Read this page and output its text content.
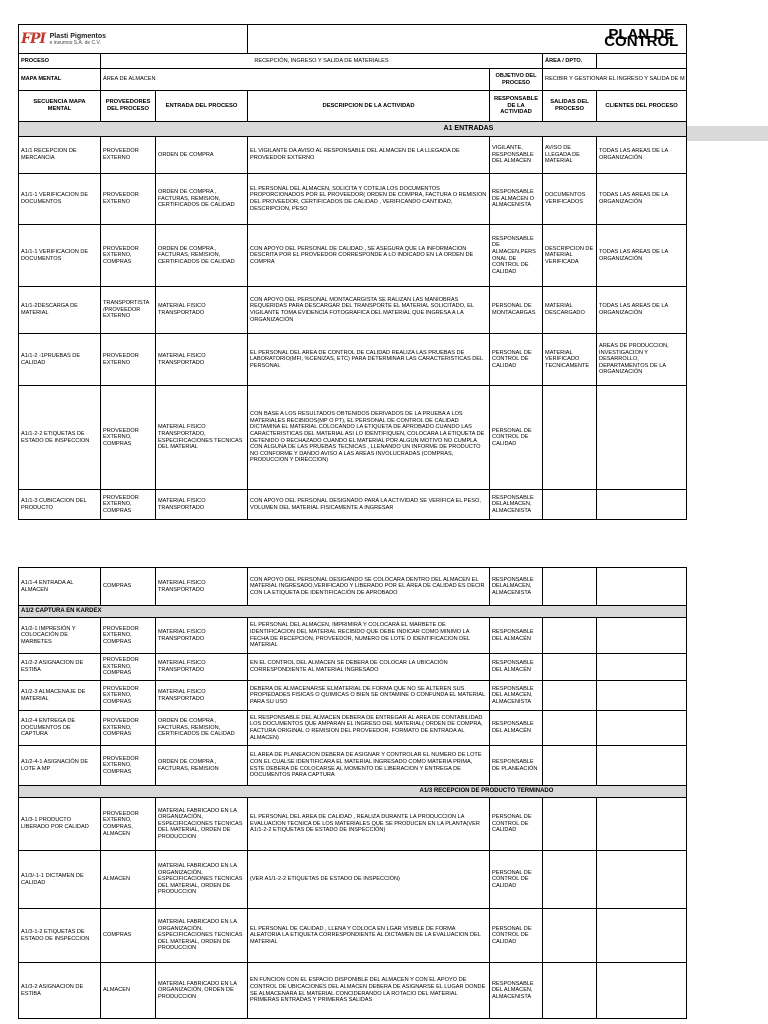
FPI Plasti Pigmentos
e insumos S.A. de C.V.						PLAN DE CONTROL
PROCESO	RECEPCIÓN, INGRESO Y SALIDA DE MATERIALES				ÁREA / DPTO.	
MAPA MENTAL	ÁREA DE ALMACEN			OBJETIVO DEL PROCESO	RECIBIR Y GESTIONAR EL INGRESO Y SALIDA DE M	
SECUENCIA MAPA MENTAL	PROVEEDORES DEL PROCESO	ENTRADA DEL PROCESO	DESCRIPCION DE LA ACTIVIDAD	RESPONSABLE DE LA ACTIVIDAD	SALIDAS DEL PROCESO	CLIENTES DEL PROCESO
			A1 ENTRADAS			
A1/1 RECEPCION DE MERCANCIA	PROVEEDOR EXTERNO	ORDEN DE COMPRA	EL VIGILANTE DA AVISO AL RESPONSABLE DEL ALMACEN DE LA LLEGADA DE PROVEEDOR EXTERNO	VIGILANTE, RESPONSABLE DEL ALMACEN	AVISO DE LLEGADA DE MATERIAL	TODAS LAS AREAS DE LA ORGANIZACIÓN
A1/1-1 VERIFICACION DE DOCUMENTOS	PROVEEDOR EXTERNO	ORDEN DE COMPRA , FACTURAS, REMISION, CERTIFICADOS DE CALIDAD	EL PERSONAL DEL ALMACEN, SOLICITA Y COTEJA LOS DOCUMENTOS PROPORCIONADOS POR EL PROVEEDOR( ORDEN DE COMPRA, FACTURA O REMISION DEL PROVEEDOR, CERTIFICADOS DE CALIDAD , VERIFICANDO CANTIDAD, DESCRIPCION, PESO	RESPONSABLE DE ALMACEN O ALMACENISTA	DOCUMENTOS VERIFICADOS	TODAS LAS AREAS DE LA ORGANIZACIÓN
A1/1-1 VERIFICACION DE DOCUMENTOS	PROVEEDOR EXTERNO, COMPRAS	ORDEN DE COMPRA , FACTURAS, REMISION, CERTIFICADOS DE CALIDAD	CON APOYO DEL PERSONAL DE CALIDAD , SE ASEGURA QUE LA INFORMACION DESCRITA POR EL PROVEEDOR CORRESPONDE A LO INDICADO EN LA ORDEN DE COMPRA	RESPONSABLE DE ALMACEN,PERSONAL DE CONTROL DE CALIDAD	DESCRIPCION DE MATERIAL VERIFICADA	TODAS LAS AREAS DE LA ORGANIZACIÓN
A1/1-2DESCARGA DE MATERIAL	TRANSPORTISTA /PROVEEDOR EXTERNO	MATERIAL FISICO TRANSPORTADO	CON APOYO DEL PERSONAL MONTACARGISTA SE RALIZAN LAS MANIOBRAS REQUERIDAS PARA DESCARGAR DEL TRANSPORTE EL MATERIAL SOLICITADO, EL VIGILANTE TOMA EVIDENCIA FOTOGRAFICA DEL MATERIAL QUE INGRESA A LA ORGANIZACIÓN	PERSONAL DE MONTACARGAS	MATERIAL DESCARGADO	TODAS LAS AREAS DE LA ORGANIZACIÓN
A1/1-2 -1PRUEBAS DE CALIDAD	PROVEEDOR EXTERNO	MATERIAL FISICO TRANSPORTADO	EL PERSONAL DEL AREA DE CONTROL DE CALIDAD REALIZA LAS PRUEBAS DE LABORATORIO(MFI, %CENIZAS, ETC) PARA DETERMINAR LAS CARACTERISTICAS DEL PERSONAL	PERSONAL DE CONTROL DE CALIDAD	MATERIAL VERIFICADO TECNICAMENTE	AREAS DE PRODUCCION, INVESTIGACION Y DESARROLLO, DEPARTAMENTOS DE LA ORGANIZACIÓN
A1/1-2-2 ETIQUETAS DE ESTADO DE INSPECCION	PROVEEDOR EXTERNO, COMPRAS	MATERIAL FISICO TRANSPORTADO, ESPECIFICACIONES TECNICAS DEL MATERIAL	CON BASE A LOS RESULTADOS OBTENIDOS DERIVADOS DE LA PRUEBA A LOS MATERIALES RECIBIDOS(MP O PT), EL PERSONAL DE CONTROL DE CALIDAD DICTAMINA EL MATERIAL COLOCANDO LA ETIQUETA DE APROBADO CUANDO LAS CARACTERISTICAS DEL MATERIAL ASI LO IDENTIFIQUEN, COLOCARA LA ETIQUETA DE DETENIDO O RECHAZADO CUANDO EL MATERIAL POR ALGUN MOTIVO NO CUMPLA CON ALGUNA DE LAS PRUEBAS TECNICAS , LLENANDO UN INFORME DE PRODUCTO NO CONFORME Y DANDO AVISO A LAS AREAS INVOLUCRADAS (COMPRAS, PRODUCCION Y DIRECCION)	PERSONAL DE CONTROL DE CALIDAD		
A1/1-3 CUBICACION DEL PRODUCTO	PROVEEDOR EXTERNO, COMPRAS	MATERIAL FISICO TRANSPORTADO	CON APOYO DEL PERSONAL DESIGNADO PARA LA ACTIVIDAD SE VERIFICA EL PESO, VOLUMEN DEL MATERIAL FISICAMENTE A INGRESAR	RESPONSABLE DELALMACEN, ALMACENISTA		
A1/1-4 ENTRADA AL ALMACEN	COMPRAS	MATERIAL FISICO TRANSPORTADO	CON APOYO DEL PERSONAL DESIGANDO SE COLOCARA DENTRO DEL ALMACEN EL MATERIAL INGRESADO,VERIFICADO Y LIBERADO POR EL ÁREA DE CALIDAD ES DECIR CON LA ETIQUETA DE IDENTIFICACIÓN DE APROBADO	RESPONSABLE DELALMACEN, ALMACENISTA		
A1/2 CAPTURA EN KARDEX						
A1/2-1 IMPRESIÓN Y COLOCACIÓN DE MARBETES	PROVEEDOR EXTERNO, COMPRAS	MATERIAL FISICO TRANSPORTADO	EL PERSONAL DEL ALMACEN, IMPRIMIRÁ Y COLOCARÁ EL MARBETE DE IDENTIFICACION DEL MATERIAL RECIBIDO QUE DEBE INDICAR COMO MINIMO LA FECHA DE RECEPCION, PROVEEDOR, NUMERO DE LOTE O IDENTIFICACION DEL MATERIAL	RESPONSABLE DEL ALMACÉN		
A1/2-2 ASIGNACION DE ESTIBA	PROVEEDOR EXTERNO, COMPRAS	MATERIAL FISICO TRANSPORTADO	EN EL CONTROL DEL ALMACEN SE DEBERA DE COLOCAR LA UBICACIÓN CORRESPONDIENTE AL MATERIAL INGRESADO	RESPONSABLE DEL ALMACÉN		
A1/2-3 ALMACENAJE DE MATERIAL	PROVEEDOR EXTERNO, COMPRAS	MATERIAL FISICO TRANSPORTADO	DEBERA DE ALMACENARSE ELMATERIAL DE FORMA QUE NO SE ALTEREN SUS PROPIEDADES FISICAS O QUIMICAS O BIEN SE ONTAMINE O CONFUNDA EL MATERIAL PARA SU USO	RESPONSABLE DEL ALMACEN, ALMACENISTA		
A1/2-4 ENTREGA DE DOCUMENTOS DE CAPTURA	PROVEEDOR EXTERNO, COMPRAS	ORDEN DE COMPRA , FACTURAS, REMISION, CERTIFICADOS DE CALIDAD	EL RESPONSABLE DEL ALMACEN DEBERA DE ENTREGAR AL AREA DE CONTABILIDAD LOS DOCUMENTOS QUE AMPARAN EL INGRESO DEL MATERIAL( ORDEN DE COMPRA, FACTURA ORIGINAL O REMISION DEL PROVEEDOR, FORMATO DE ENTRADA AL ALMACEN)	RESPONSABLE DEL ALMACÉN		
A1/2-4-1 ASIGNACIÓN DE LOTE A MP	PROVEEDOR EXTERNO, COMPRAS	ORDEN DE COMPRA , FACTURAS, REMISION	EL AREA DE PLANEACION DEBERA DE ASIGNAR Y CONTROLAR EL NUMERO DE LOTE CON EL CUALSE IDENTIFICARA EL MATERIAL INGRESADO COMO MATERIA PRIMA, ESTE DEBERA DE COLOCARSE AL MOMENTO DE LIBERACION Y ENTREGA DE DOCUMENTOS PARA CAPTURA	RESPONSABLE DE PLANEACIÓN		
			A1/3 RECEPCION DE PRODUCTO TERMINADO			
A1/3-1 PRODUCTO LIBERADO POR CALIDAD	PROVEEDOR EXTERNO, COMPRAS, ALMACEN	MATERIAL FABRICADO EN LA ORGANIZACIÓN, ESPECIFICACIONES TECNICAS DEL MATERIAL, ORDEN DE PRODUCCION	EL PERSONAL DEL AREA DE CALIDAD , REALIZA DURANTE LA PRODUCCION LA EVALUACION TECNICA DE LOS MATERIALES QUE SE PRODUCEN EN LA PLANTA(VER A1/1-2-2 ETIQUETAS DE ESTADO DE INSPECCIÓN)	PERSONAL DE CONTROL DE CALIDAD		
A1/3/-1-1 DICTAMEN DE CALIDAD	ALMACEN	MATERIAL FABRICADO EN LA ORGANIZACIÓN, ESPECIFICACIONES TECNICAS DEL MATERIAL, ORDEN DE PRODUCCION	(VER A1/1-2-2 ETIQUETAS DE ESTADO DE INSPECCIÓN)	PERSONAL DE CONTROL DE CALIDAD		
A1/3-1-2 ETIQUETAS DE ESTADO DE INSPECCION	COMPRAS	MATERIAL FABRICADO EN LA ORGANIZACIÓN, ESPECIFICACIONES TECNICAS DEL MATERIAL, ORDEN DE PRODUCCION	EL PERSONAL DE CALIDAD , LLENA Y COLOCA EN LGAR VISIBLE DE FORMA ALEATORIA LA ETIQUETA CORRESPONDIENTE AL DICTAMEN DE LA EVALUACION DEL MATERIAL	PERSONAL DE CONTROL DE CALIDAD		
A1/3-2 ASIGNACION DE ESTIBA	ALMACEN	MATERIAL FABRICADO EN LA ORGANIZACIÓN, ORDEN DE PRODUCCION	EN FUNCION CON EL ESPACIO DISPONIBLE DEL ALMACEN Y CON EL APOYO DE CONTROL DE UBICACIONES DEL ALMACEN DEBERA DE ASIGNARSE EL LUGAR DONDE SE ALMACENARA EL MATERIAL CONCIDERANDO LA ROTACIO DEL MATERIAL PRIMERAS ENTRADAS Y PRIMERAS SALIDAS	RESPONSABLE DEL ALMACEN, ALMACENISTA		
